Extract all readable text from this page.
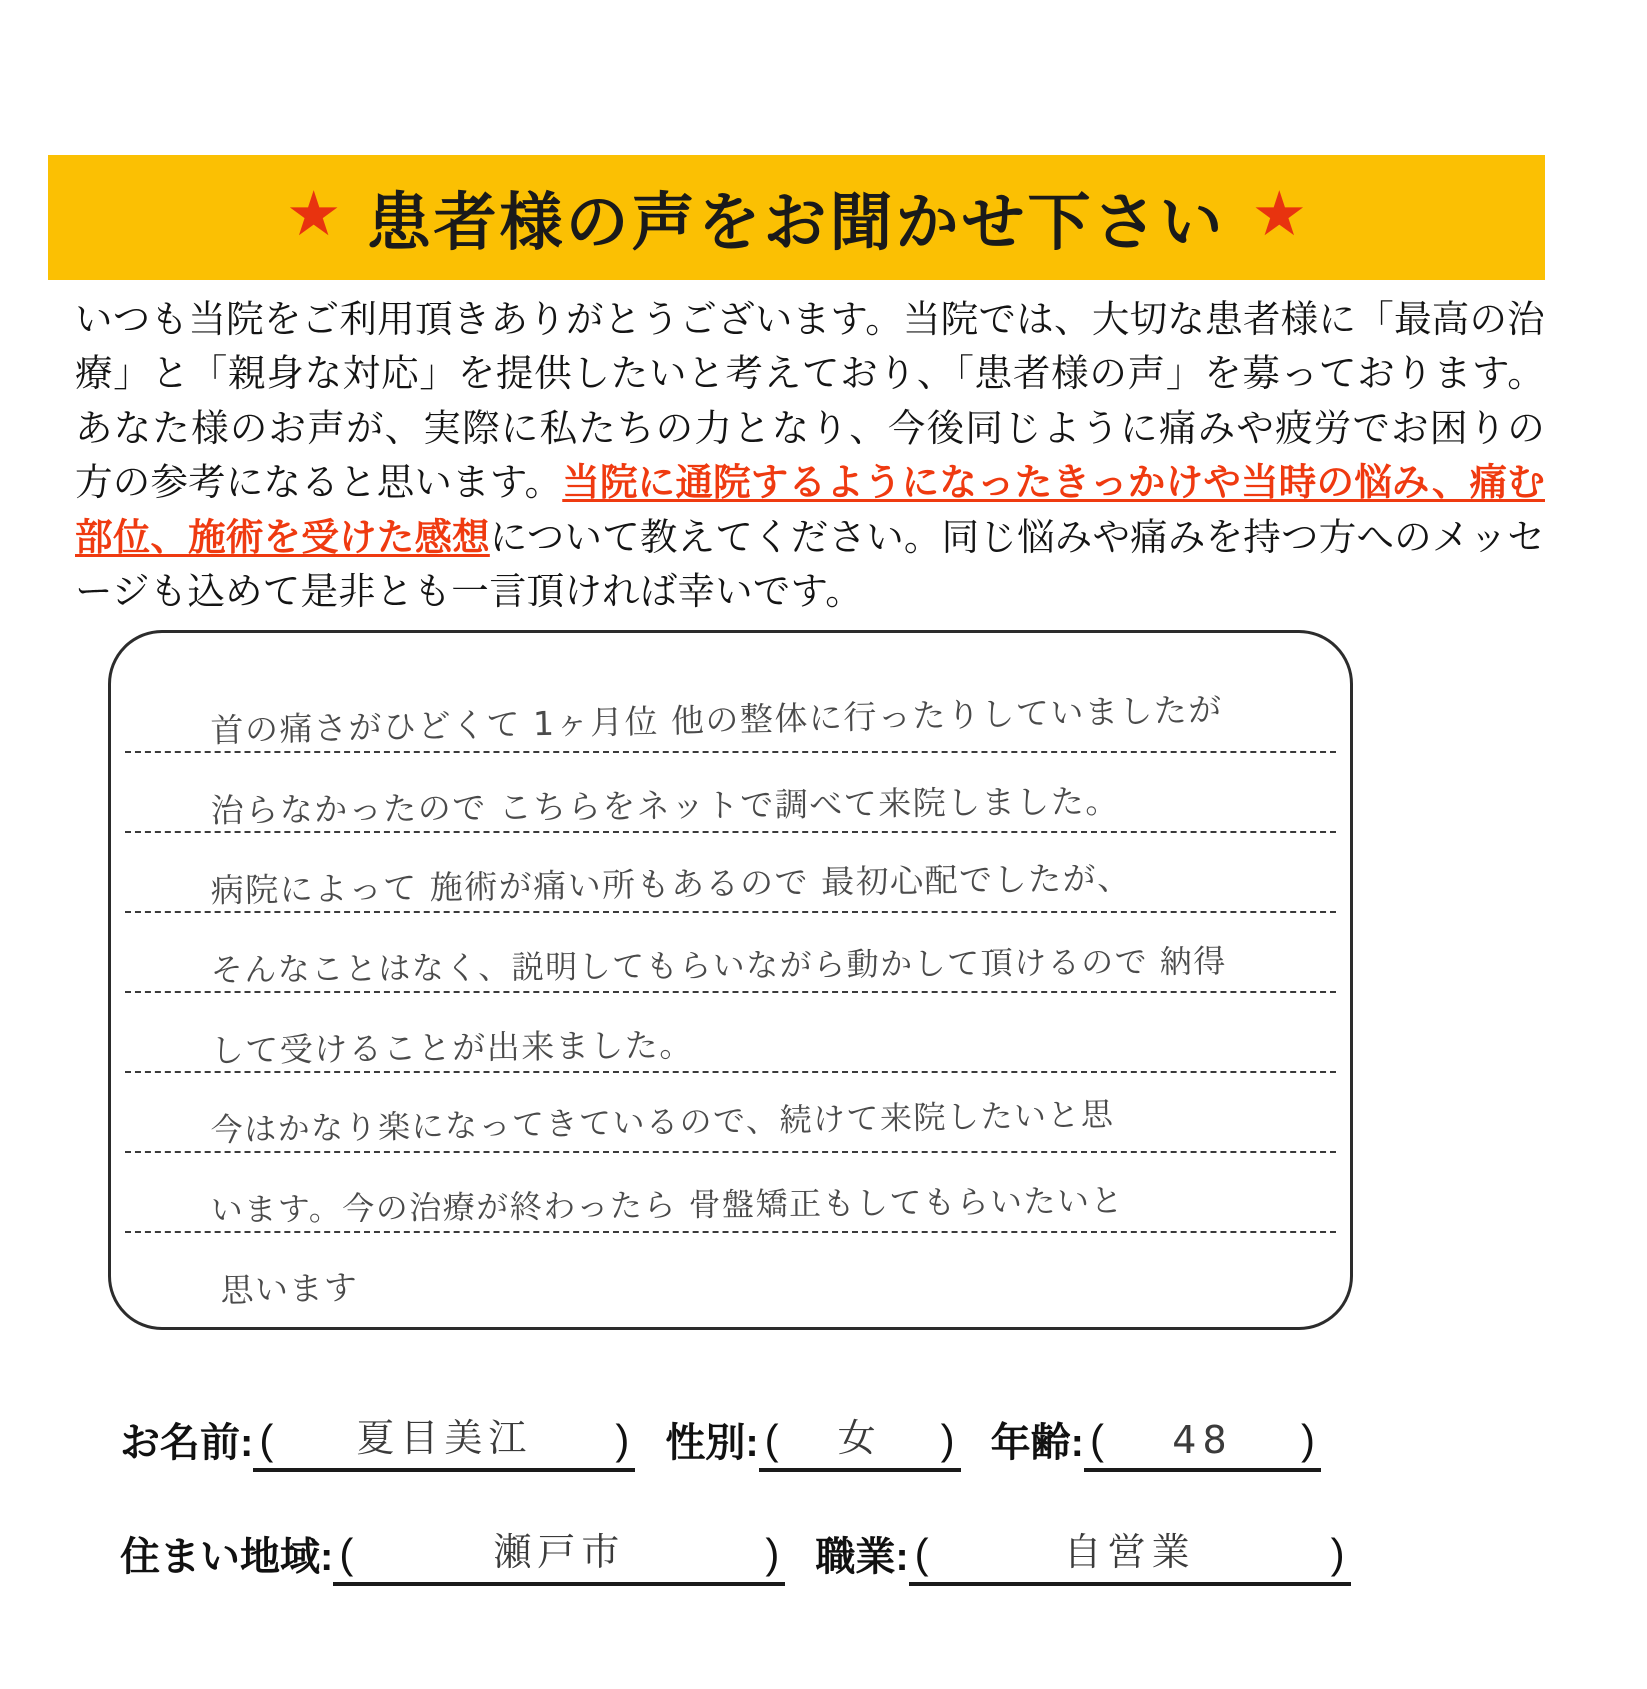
★ 患者様の声をお聞かせ下さい ★
いつも当院をご利用頂きありがとうございます。当院では、大切な患者様に「最高の治療」と「親身な対応」を提供したいと考えており、「患者様の声」を募っております。あなた様のお声が、実際に私たちの力となり、今後同じように痛みや疲労でお困りの方の参考になると思います。当院に通院するようになったきっかけや当時の悩み、痛む部位、施術を受けた感想について教えてください。同じ悩みや痛みを持つ方へのメッセージも込めて是非とも一言頂ければ幸いです。
首の痛さがひどくて 1ヶ月位 他の整体に行ったりしていましたが
治らなかったので こちらをネットで調べて来院しました。
病院によって 施術が痛い所もあるので 最初心配でしたが、
そんなことはなく、説明してもらいながら動かして頂けるので 納得
して受けることが出来ました。
今はかなり楽になってきているので、続けて来院したいと思
います。今の治療が終わったら 骨盤矯正もしてもらいたいと
思います
お名前: (	夏目美江	) 性別: (	女	) 年齢: (	48	)
住まい地域: (	瀬戸市	) 職業: (	自営業	)
